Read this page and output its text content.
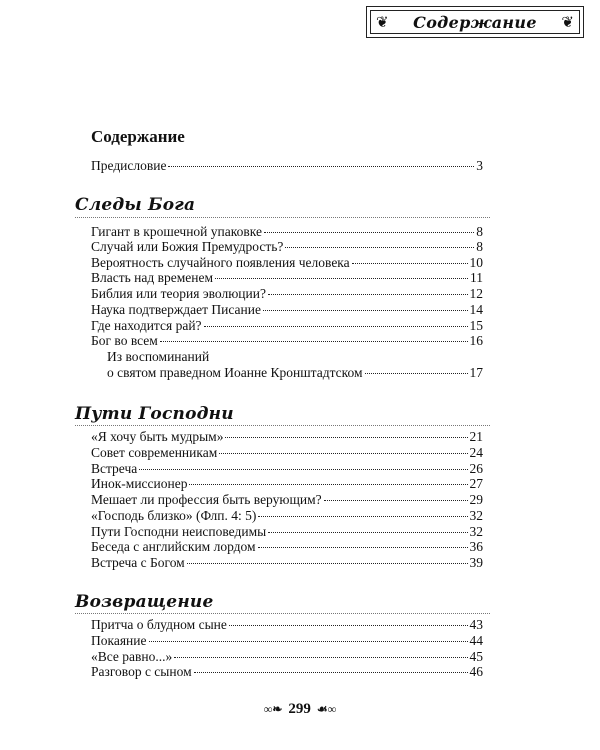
❦ Содержание ❦
Содержание
Предисловие	3
Следы Бога
Гигант в крошечной упаковке	8
Случай или Божия Премудрость?	8
Вероятность случайного появления человека	10
Власть над временем	11
Библия или теория эволюции?	12
Наука подтверждает Писание	14
Где находится рай?	15
Бог во всем	16
Из воспоминаний
о святом праведном Иоанне Кронштадтском	17
Пути Господни
«Я хочу быть мудрым»	21
Совет современникам	24
Встреча	26
Инок-миссионер	27
Мешает ли профессия быть верующим?	29
«Господь близко» (Флп. 4: 5)	32
Пути Господни неисповедимы	32
Беседа с английским лордом	36
Встреча с Богом	39
Возвращение
Притча о блудном сыне	43
Покаяние	44
«Все равно...»	45
Разговор с сыном	46
∞❧ 299 ☙∞
